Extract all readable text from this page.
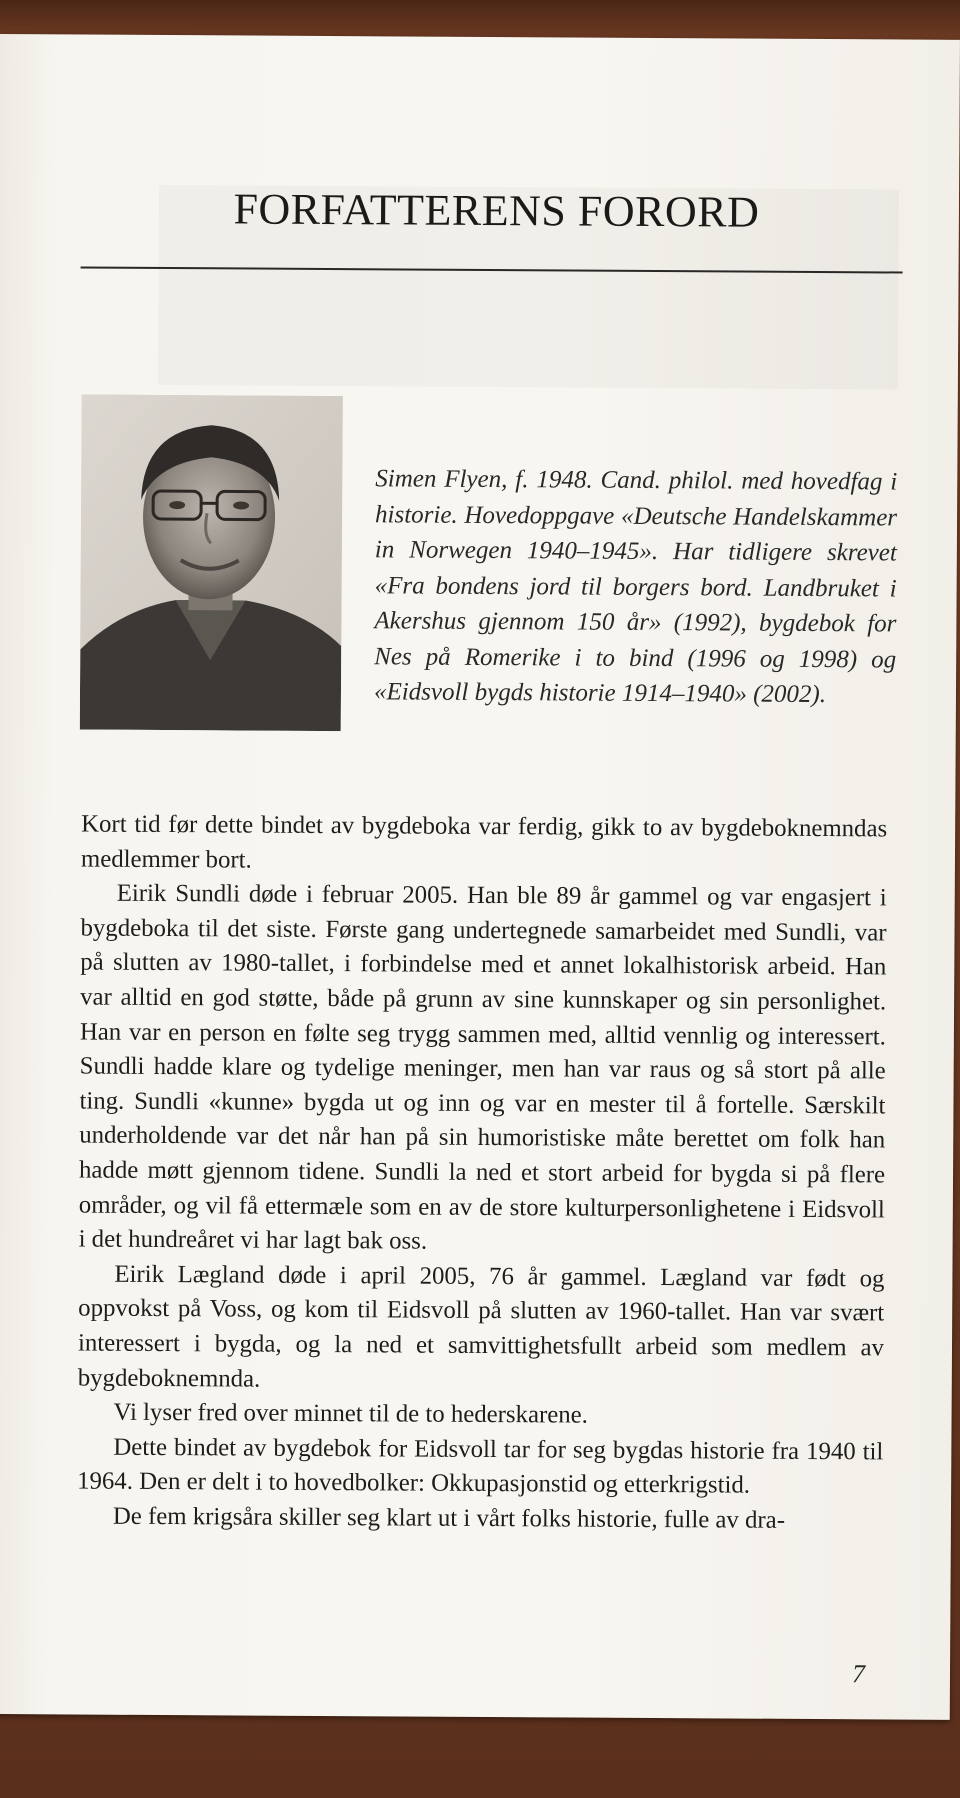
FORFATTERENS FORORD

Simen Flyen, f. 1948. Cand. philol. med hovedfag i historie. Hovedoppgave «Deutsche Handelskammer in Norwegen 1940–1945». Har tidligere skrevet «Fra bondens jord til borgers bord. Landbruket i Akershus gjennom 150 år» (1992), bygdebok for Nes på Romerike i to bind (1996 og 1998) og «Eidsvoll bygds historie 1914–1940» (2002).

Kort tid før dette bindet av bygdeboka var ferdig, gikk to av bygdeboknemndas medlemmer bort.

Eirik Sundli døde i februar 2005. Han ble 89 år gammel og var engasjert i bygdeboka til det siste. Første gang undertegnede samarbeidet med Sundli, var på slutten av 1980-tallet, i forbindelse med et annet lokalhistorisk arbeid. Han var alltid en god støtte, både på grunn av sine kunnskaper og sin personlighet. Han var en person en følte seg trygg sammen med, alltid vennlig og interessert. Sundli hadde klare og tydelige meninger, men han var raus og så stort på alle ting. Sundli «kunne» bygda ut og inn og var en mester til å fortelle. Særskilt underholdende var det når han på sin humoristiske måte berettet om folk han hadde møtt gjennom tidene. Sundli la ned et stort arbeid for bygda si på flere områder, og vil få ettermæle som en av de store kulturpersonlighetene i Eidsvoll i det hundreåret vi har lagt bak oss.

Eirik Lægland døde i april 2005, 76 år gammel. Lægland var født og oppvokst på Voss, og kom til Eidsvoll på slutten av 1960-tallet. Han var svært interessert i bygda, og la ned et samvittighetsfullt arbeid som medlem av bygdeboknemnda.

Vi lyser fred over minnet til de to hederskarene.

Dette bindet av bygdebok for Eidsvoll tar for seg bygdas historie fra 1940 til 1964. Den er delt i to hovedbolker: Okkupasjonstid og etterkrigstid.

De fem krigsåra skiller seg klart ut i vårt folks historie, fulle av dra-

7
